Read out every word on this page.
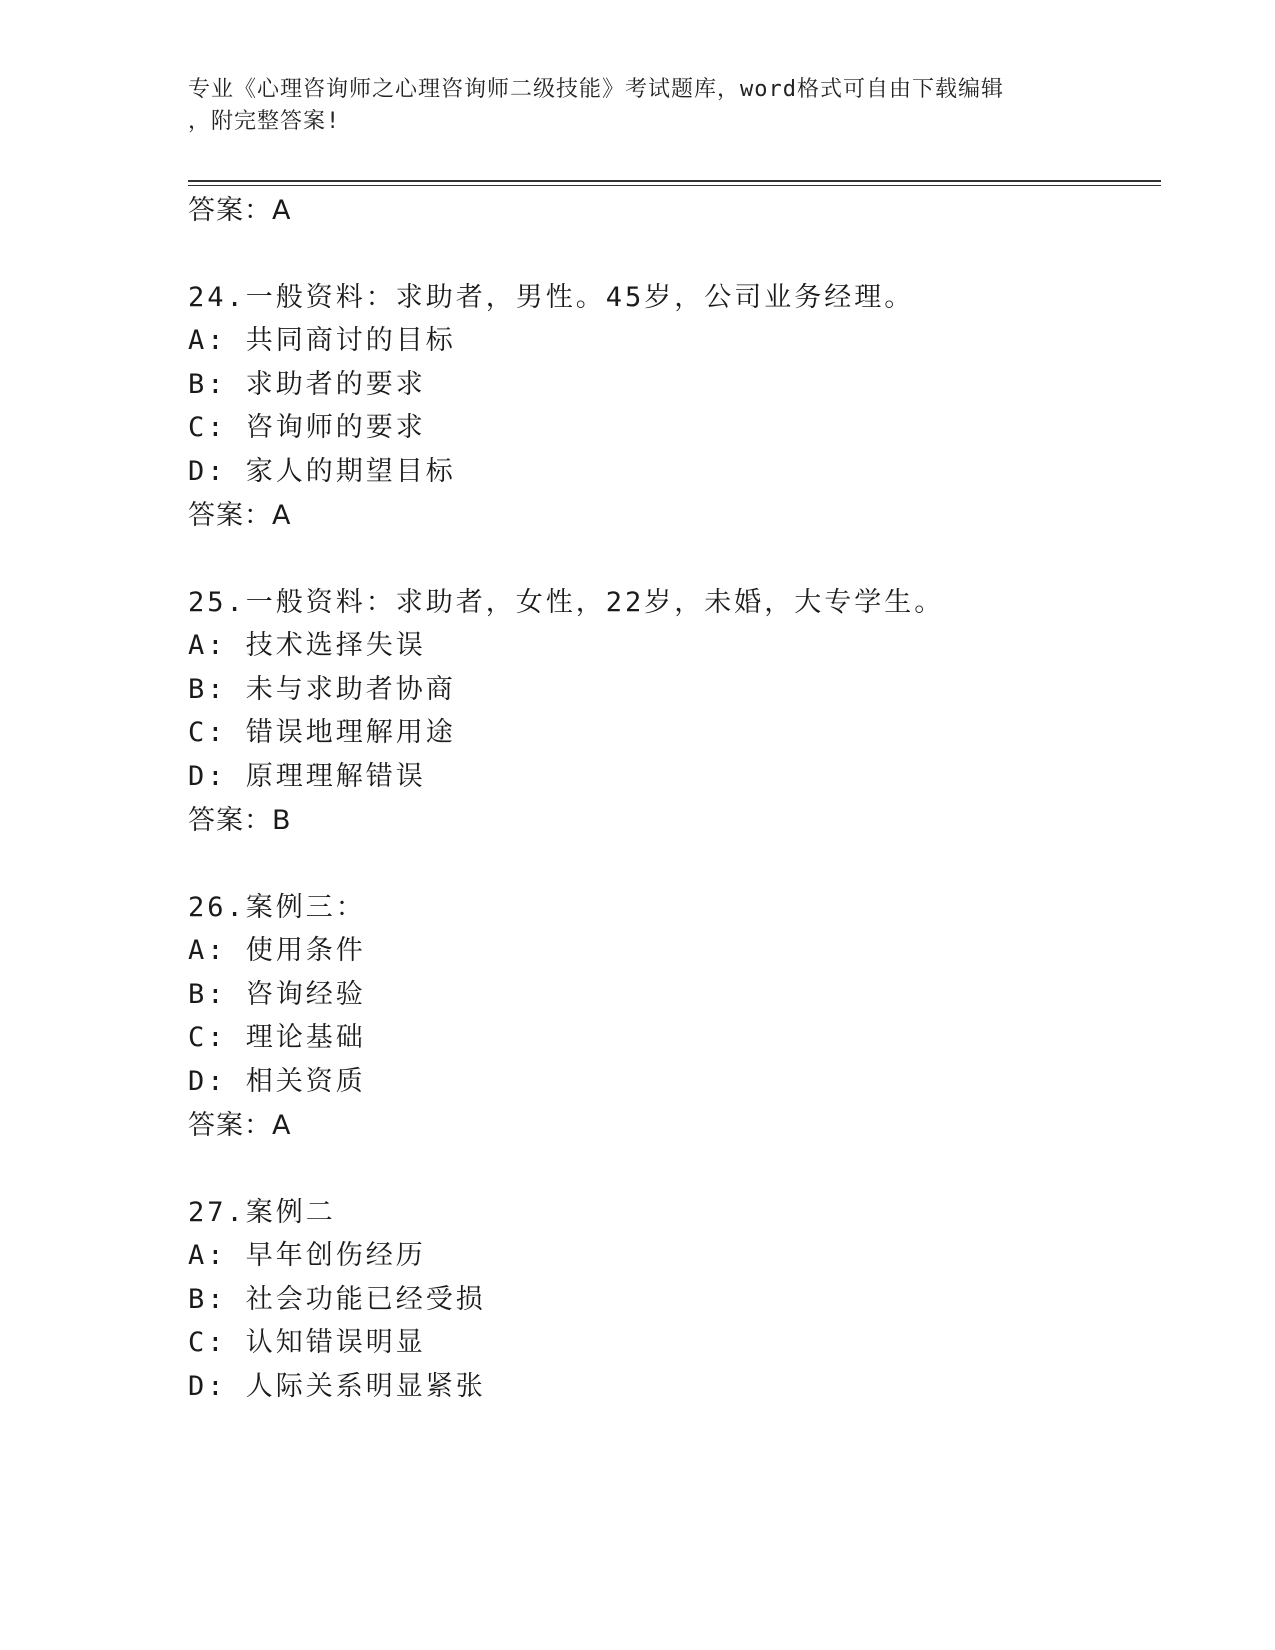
专业《心理咨询师之心理咨询师二级技能》考试题库，word格式可自由下载编辑
，附完整答案!
答案：A
24.一般资料：求助者，男性。45岁，公司业务经理。
A: 共同商讨的目标
B: 求助者的要求
C: 咨询师的要求
D: 家人的期望目标
答案：A
25.一般资料：求助者，女性，22岁，未婚，大专学生。
A: 技术选择失误
B: 未与求助者协商
C: 错误地理解用途
D: 原理理解错误
答案：B
26.案例三：
A: 使用条件
B: 咨询经验
C: 理论基础
D: 相关资质
答案：A
27.案例二
A: 早年创伤经历
B: 社会功能已经受损
C: 认知错误明显
D: 人际关系明显紧张
